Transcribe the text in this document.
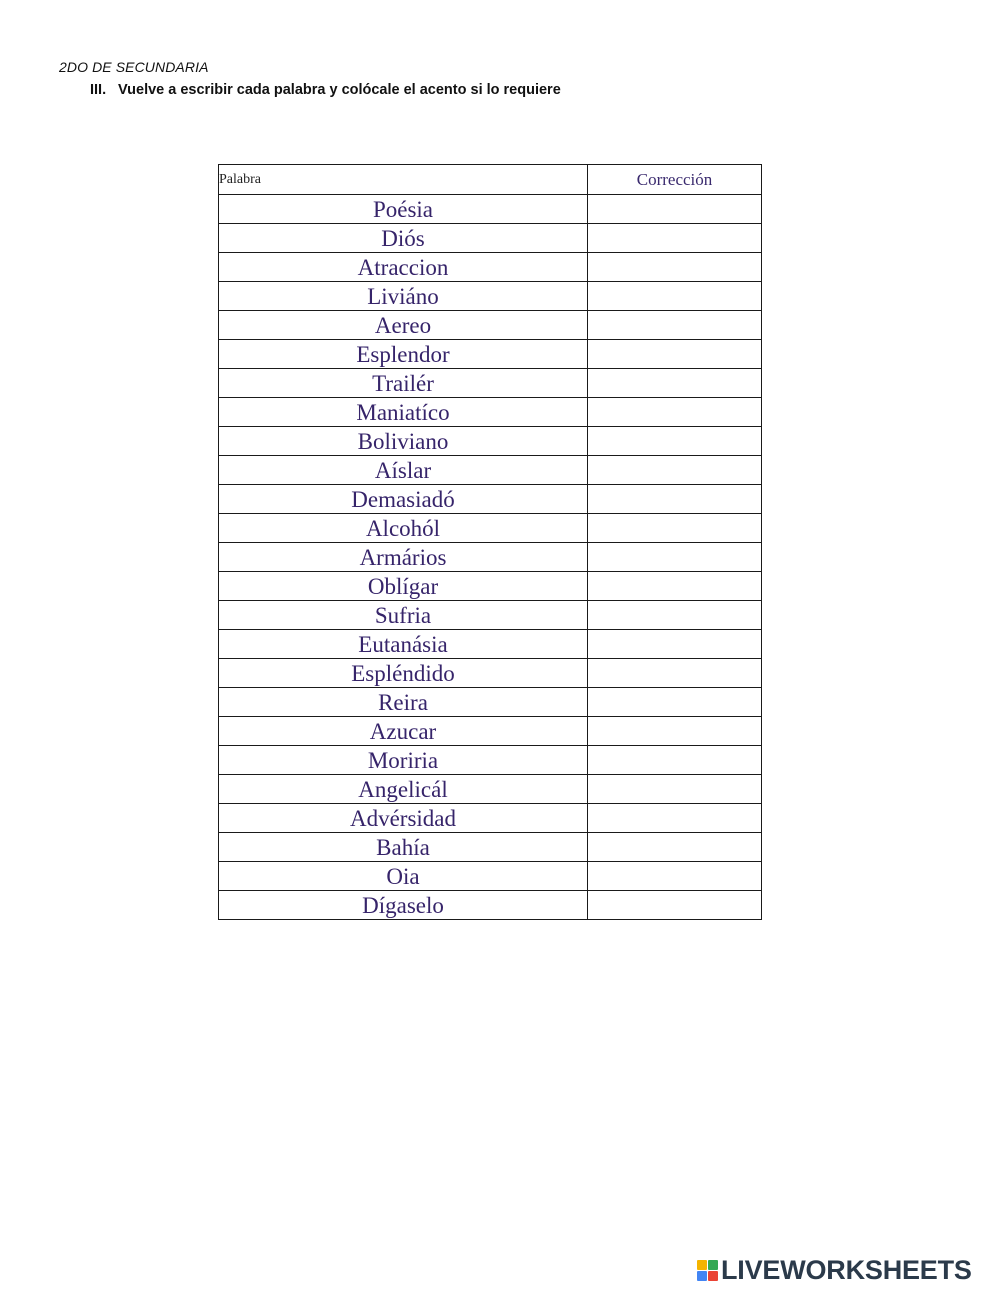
2DO DE SECUNDARIA
III. Vuelve a escribir cada palabra y colócale el acento si lo requiere
Palabra	Corrección
Poésia	
Diós	
Atraccion	
Liviáno	
Aereo	
Esplendor	
Trailér	
Maniatíco	
Boliviano	
Aíslar	
Demasiadó	
Alcohól	
Armários	
Oblígar	
Sufria	
Eutanásia	
Espléndido	
Reira	
Azucar	
Moriria	
Angelicál	
Advérsidad	
Bahía	
Oia	
Dígaselo	
LIVEWORKSHEETS
